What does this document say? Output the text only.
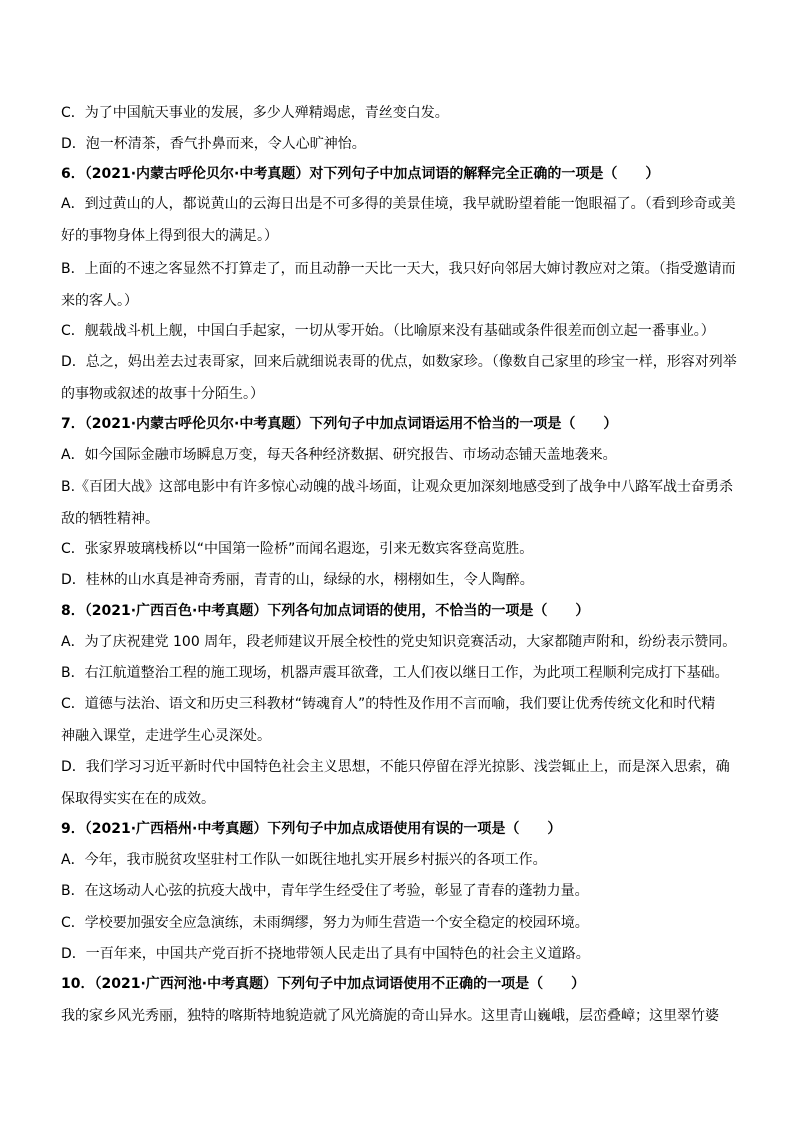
C．为了中国航天事业的发展，多少人殚精竭虑，青丝变白发。
D．泡一杯清茶，香气扑鼻而来，令人心旷神怡。
6．（2021·内蒙古呼伦贝尔·中考真题）对下列句子中加点词语的解释完全正确的一项是（　　）
A．到过黄山的人，都说黄山的云海日出是不可多得的美景佳境，我早就盼望着能一饱眼福了。（看到珍奇或美
好的事物身体上得到很大的满足。）
B．上面的不速之客显然不打算走了，而且动静一天比一天大，我只好向邻居大婶讨教应对之策。（指受邀请而
来的客人。）
C．舰载战斗机上舰，中国白手起家，一切从零开始。（比喻原来没有基础或条件很差而创立起一番事业。）
D．总之，妈出差去过表哥家，回来后就细说表哥的优点，如数家珍。（像数自己家里的珍宝一样，形容对列举
的事物或叙述的故事十分陌生。）
7．（2021·内蒙古呼伦贝尔·中考真题）下列句子中加点词语运用不恰当的一项是（　　）
A．如今国际金融市场瞬息万变，每天各种经济数据、研究报告、市场动态铺天盖地袭来。
B.《百团大战》这部电影中有许多惊心动魄的战斗场面，让观众更加深刻地感受到了战争中八路军战士奋勇杀
敌的牺牲精神。
C．张家界玻璃栈桥以“中国第一险桥”而闻名遐迩，引来无数宾客登高览胜。
D．桂林的山水真是神奇秀丽，青青的山，绿绿的水，栩栩如生，令人陶醉。
8．（2021·广西百色·中考真题）下列各句加点词语的使用，不恰当的一项是（　　）
A．为了庆祝建党 100 周年，段老师建议开展全校性的党史知识竞赛活动，大家都随声附和，纷纷表示赞同。
B．右江航道整治工程的施工现场，机器声震耳欲聋，工人们夜以继日工作，为此项工程顺利完成打下基础。
C．道德与法治、语文和历史三科教材“铸魂育人”的特性及作用不言而喻，我们要让优秀传统文化和时代精
神融入课堂，走进学生心灵深处。
D．我们学习习近平新时代中国特色社会主义思想，不能只停留在浮光掠影、浅尝辄止上，而是深入思索，确
保取得实实在在的成效。
9．（2021·广西梧州·中考真题）下列句子中加点成语使用有误的一项是（　　）
A．今年，我市脱贫攻坚驻村工作队一如既往地扎实开展乡村振兴的各项工作。
B．在这场动人心弦的抗疫大战中，青年学生经受住了考验，彰显了青春的蓬勃力量。
C．学校要加强安全应急演练，未雨绸缪，努力为师生营造一个安全稳定的校园环境。
D．一百年来，中国共产党百折不挠地带领人民走出了具有中国特色的社会主义道路。
10．（2021·广西河池·中考真题）下列句子中加点词语使用不正确的一项是（　　）
我的家乡风光秀丽，独特的喀斯特地貌造就了风光旖旎的奇山异水。这里青山巍峨，层峦叠嶂；这里翠竹婆
